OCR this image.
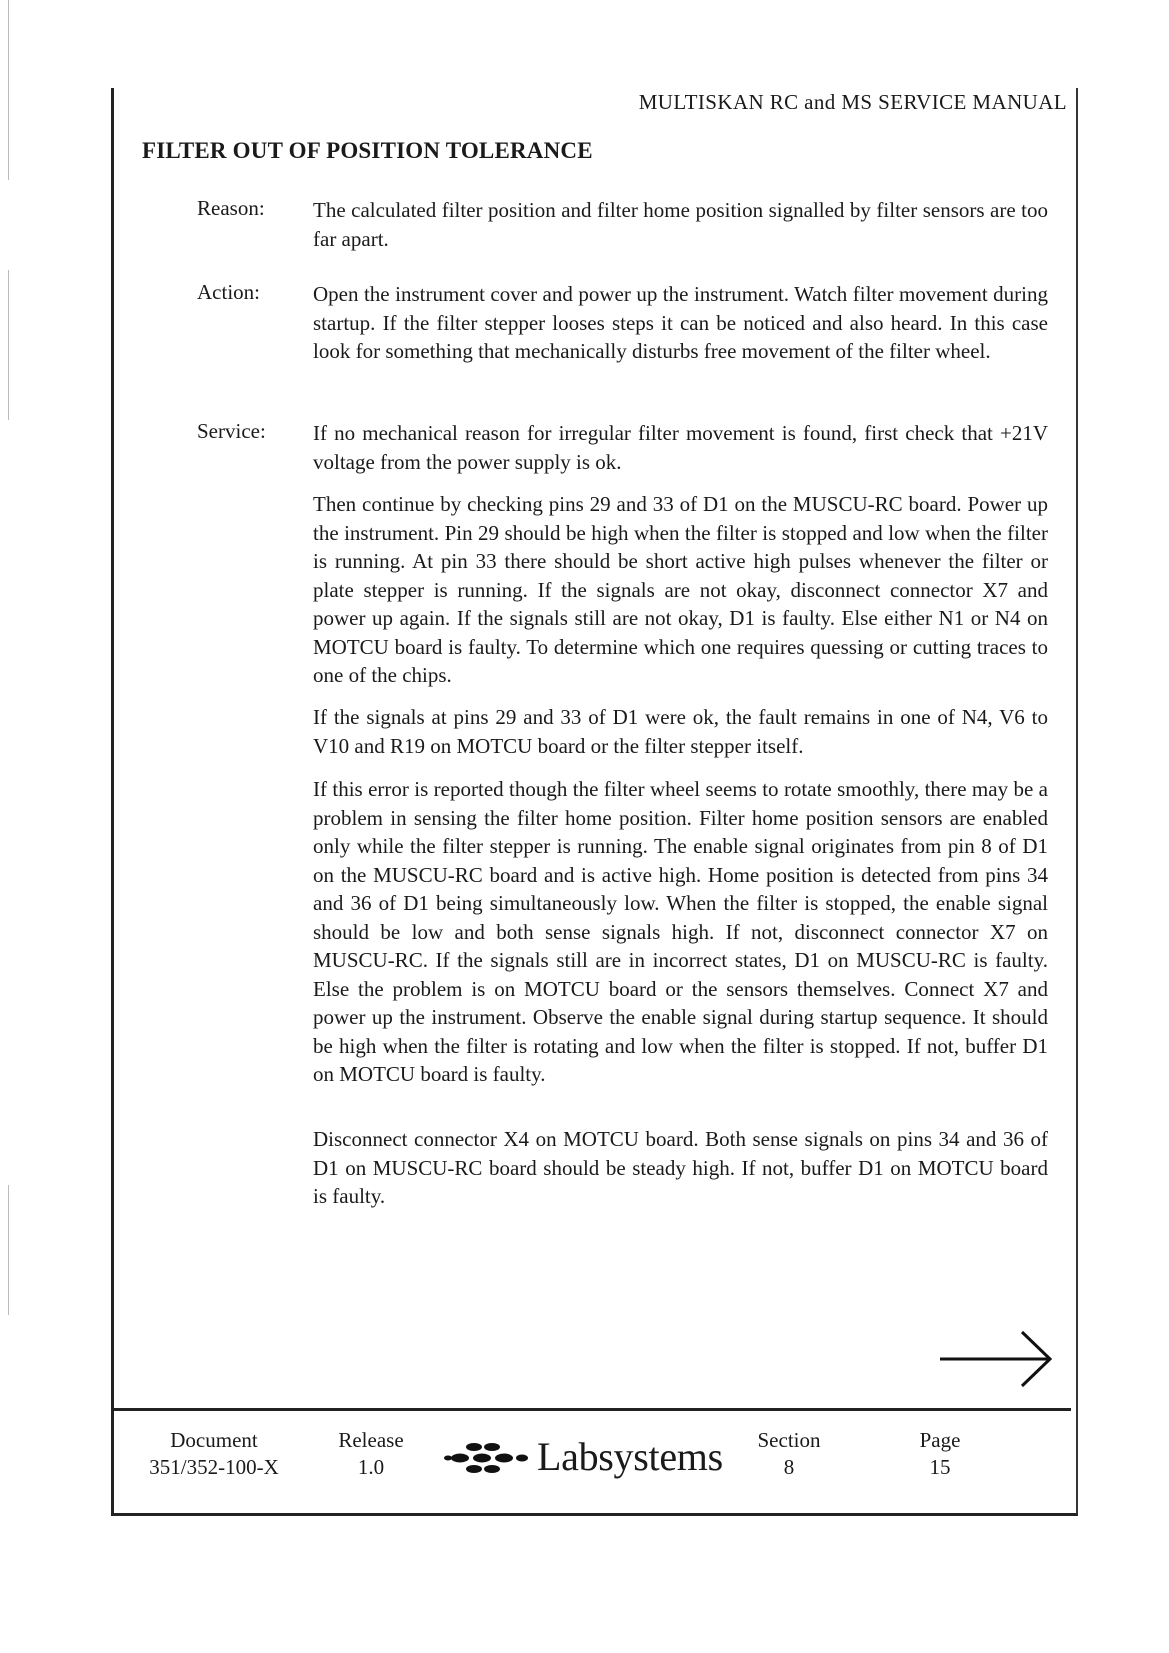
MULTISKAN RC and MS SERVICE MANUAL
FILTER OUT OF POSITION TOLERANCE
Reason: The calculated filter position and filter home position signalled by filter sensors are too far apart.
Action:	Open the instrument cover and power up the instrument. Watch filter movement during startup. If the filter stepper looses steps it can be noticed and also heard. In this case look for something that mechanically disturbs free movement of the filter wheel.
Service: If no mechanical reason for irregular filter movement is found, first check that +21V voltage from the power supply is ok.
Then continue by checking pins 29 and 33 of D1 on the MUSCU-RC board. Power up the instrument. Pin 29 should be high when the filter is stopped and low when the filter is running. At pin 33 there should be short active high pulses whenever the filter or plate stepper is running. If the signals are not okay, disconnect connector X7 and power up again. If the signals still are not okay, D1 is faulty. Else either N1 or N4 on MOTCU board is faulty. To determine which one requires quessing or cutting traces to one of the chips.
If the signals at pins 29 and 33 of D1 were ok, the fault remains in one of N4, V6 to V10 and R19 on MOTCU board or the filter stepper itself.
If this error is reported though the filter wheel seems to rotate smoothly, there may be a problem in sensing the filter home position. Filter home position sensors are enabled only while the filter stepper is running. The enable signal originates from pin 8 of D1 on the MUSCU-RC board and is active high. Home position is detected from pins 34 and 36 of D1 being simultaneously low. When the filter is stopped, the enable signal should be low and both sense signals high. If not, disconnect connector X7 on MUSCU-RC. If the signals still are in incorrect states, D1 on MUSCU-RC is faulty. Else the problem is on MOTCU board or the sensors themselves. Connect X7 and power up the instrument. Observe the enable signal during startup sequence. It should be high when the filter is rotating and low when the filter is stopped. If not, buffer D1 on MOTCU board is faulty.
Disconnect connector X4 on MOTCU board. Both sense signals on pins 34 and 36 of D1 on MUSCU-RC board should be steady high. If not, buffer D1 on MOTCU board is faulty.
Document
351/352-100-X
Release
1.0	Labsystems	Section
8
Page
15
